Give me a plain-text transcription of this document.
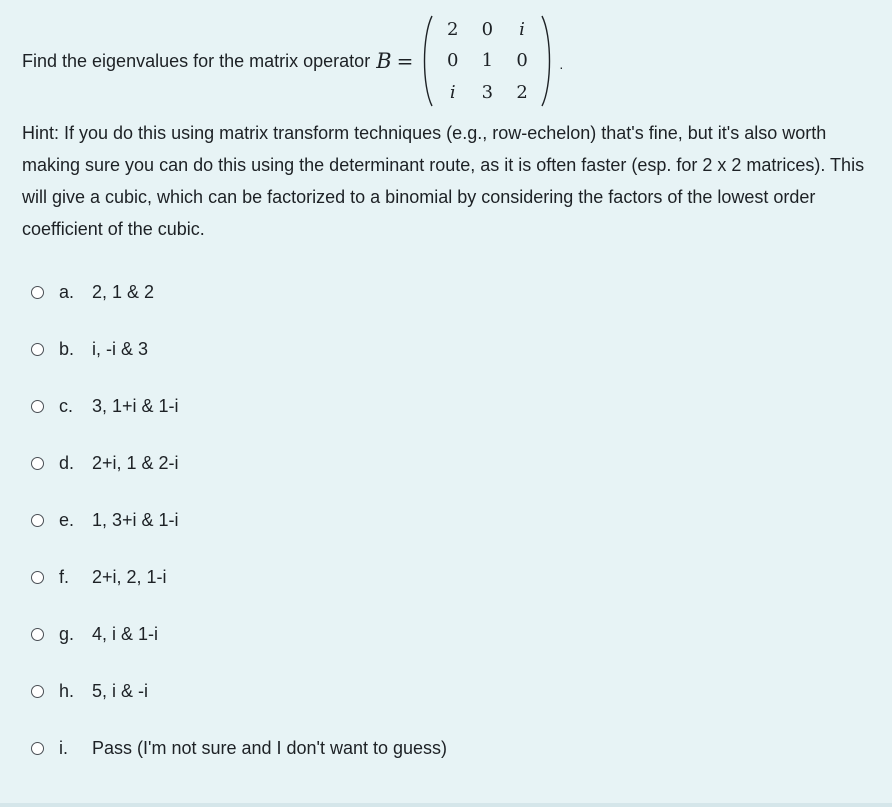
Find the eigenvalues for the matrix operator B =
2 0 i
0 1 0
i 3 2
.
Hint: If you do this using matrix transform techniques (e.g., row-echelon) that's fine, but it's also worth making sure you can do this using the determinant route, as it is often faster (esp. for 2 x 2 matrices). This will give a cubic, which can be factorized to a binomial by considering the factors of the lowest order coefficient of the cubic.
a. 2, 1 & 2
b. i, -i & 3
c.	3, 1+i & 1-i
d. 2+i, 1 & 2-i
e. 1, 3+i & 1-i
f.	2+i, 2, 1-i
g. 4, i & 1-i
h. 5, i & -i
i.	Pass (I'm not sure and I don't want to guess)
